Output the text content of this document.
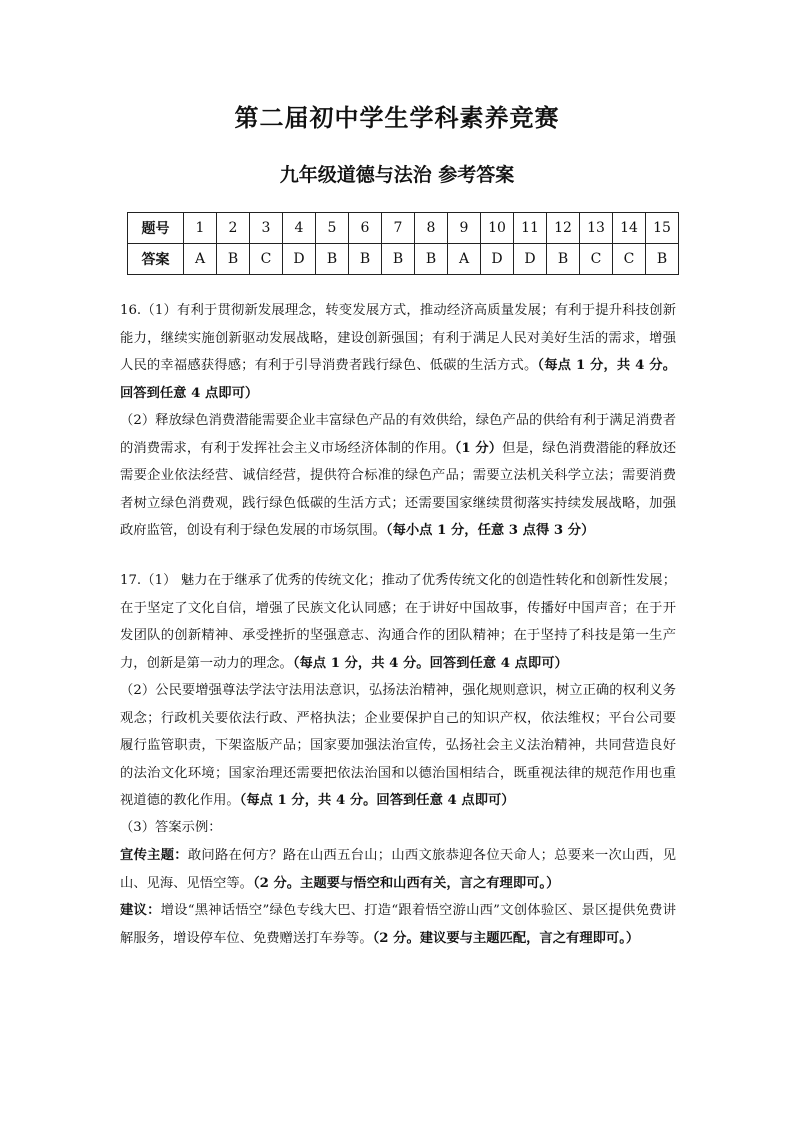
第二届初中学生学科素养竞赛
九年级道德与法治 参考答案
题号	1	2	3	4	5	6	7	8	9	10	11	12	13	14	15
答案	A	B	C	D	B	B	B	B	A	D	D	B	C	C	B
16.（1）有利于贯彻新发展理念，转变发展方式，推动经济高质量发展；有利于提升科技创新能力，继续实施创新驱动发展战略，建设创新强国；有利于满足人民对美好生活的需求，增强人民的幸福感获得感；有利于引导消费者践行绿色、低碳的生活方式。（每点 1 分，共 4 分。回答到任意 4 点即可）
（2）释放绿色消费潜能需要企业丰富绿色产品的有效供给，绿色产品的供给有利于满足消费者的消费需求，有利于发挥社会主义市场经济体制的作用。（1 分）但是，绿色消费潜能的释放还需要企业依法经营、诚信经营，提供符合标准的绿色产品；需要立法机关科学立法；需要消费者树立绿色消费观，践行绿色低碳的生活方式；还需要国家继续贯彻落实持续发展战略，加强政府监管，创设有利于绿色发展的市场氛围。（每小点 1 分，任意 3 点得 3 分）
17.（1） 魅力在于继承了优秀的传统文化；推动了优秀传统文化的创造性转化和创新性发展；在于坚定了文化自信，增强了民族文化认同感；在于讲好中国故事，传播好中国声音；在于开发团队的创新精神、承受挫折的坚强意志、沟通合作的团队精神；在于坚持了科技是第一生产力，创新是第一动力的理念。（每点 1 分，共 4 分。回答到任意 4 点即可）
（2）公民要增强尊法学法守法用法意识，弘扬法治精神，强化规则意识，树立正确的权利义务观念；行政机关要依法行政、严格执法；企业要保护自己的知识产权，依法维权；平台公司要履行监管职责，下架盗版产品；国家要加强法治宣传，弘扬社会主义法治精神，共同营造良好的法治文化环境；国家治理还需要把依法治国和以德治国相结合，既重视法律的规范作用也重视道德的教化作用。（每点 1 分，共 4 分。回答到任意 4 点即可）
（3）答案示例：
宣传主题：敢问路在何方？路在山西五台山；山西文旅恭迎各位天命人；总要来一次山西，见山、见海、见悟空等。（2 分。主题要与悟空和山西有关，言之有理即可。）
建议：增设“黑神话悟空”绿色专线大巴、打造“跟着悟空游山西”文创体验区、景区提供免费讲解服务，增设停车位、免费赠送打车券等。（2 分。建议要与主题匹配，言之有理即可。）
